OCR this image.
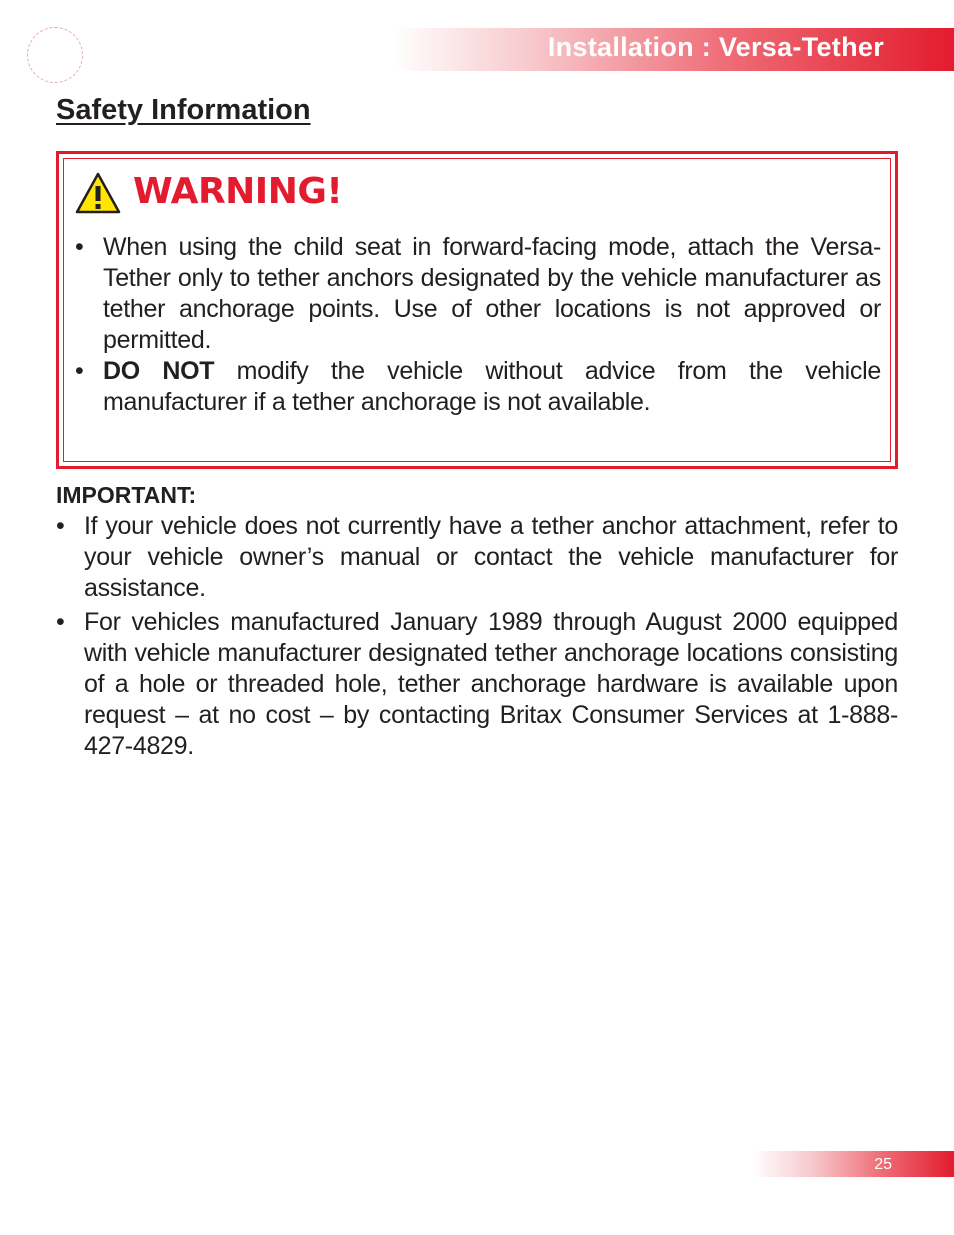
Installation : Versa-Tether
Safety Information
WARNING!
• When using the child seat in forward-facing mode, attach the Versa-Tether only to tether anchors designated by the vehicle manufacturer as tether anchorage points. Use of other locations is not approved or permitted.
• DO NOT modify the vehicle without advice from the vehicle manufacturer if a tether anchorage is not available.
IMPORTANT:
• If your vehicle does not currently have a tether anchor attachment, refer to your vehicle owner’s manual or contact the vehicle manufacturer for assistance.
• For vehicles manufactured January 1989 through August 2000 equipped with vehicle manufacturer designated tether anchorage locations consisting of a hole or threaded hole, tether anchorage hardware is available upon request – at no cost – by contacting Britax Consumer Services at 1-888-427-4829.
25
